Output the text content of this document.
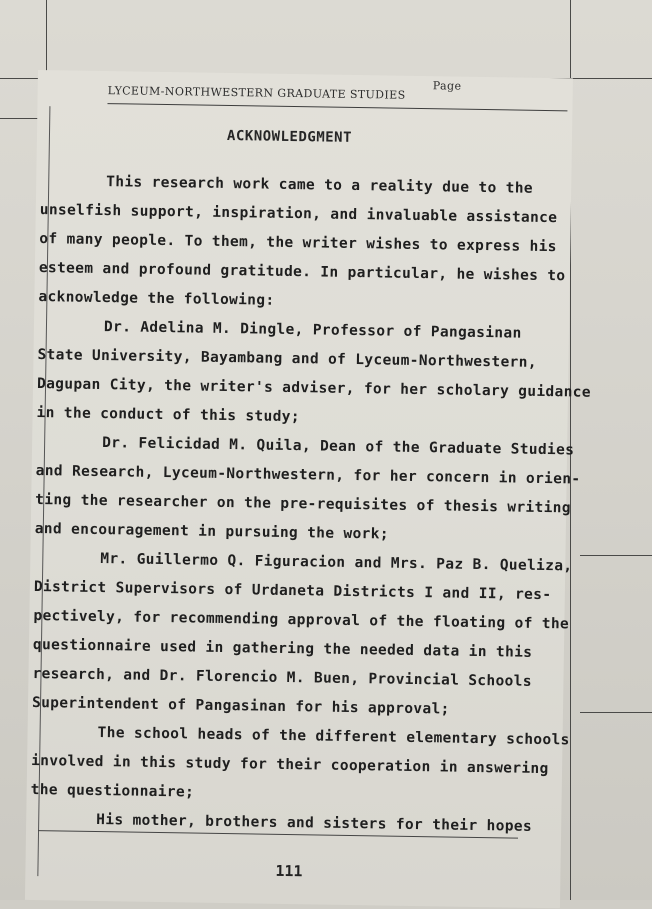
LYCEUM-NORTHWESTERN GRADUATE STUDIES Page
ACKNOWLEDGMENT
This research work came to a reality due to the
unselfish support, inspiration, and invaluable assistance
of many people. To them, the writer wishes to express his
esteem and profound gratitude. In particular, he wishes to
acknowledge the following:
Dr. Adelina M. Dingle, Professor of Pangasinan
State University, Bayambang and of Lyceum-Northwestern,
Dagupan City, the writer's adviser, for her scholary guidance
in the conduct of this study;
Dr. Felicidad M. Quila, Dean of the Graduate Studies
and Research, Lyceum-Northwestern, for her concern in orien-
ting the researcher on the pre-requisites of thesis writing
and encouragement in pursuing the work;
Mr. Guillermo Q. Figuracion and Mrs. Paz B. Queliza,
District Supervisors of Urdaneta Districts I and II, res-
pectively, for recommending approval of the floating of the
questionnaire used in gathering the needed data in this
research, and Dr. Florencio M. Buen, Provincial Schools
Superintendent of Pangasinan for his approval;
The school heads of the different elementary schools
involved in this study for their cooperation in answering
the questionnaire;
His mother, brothers and sisters for their hopes
111
